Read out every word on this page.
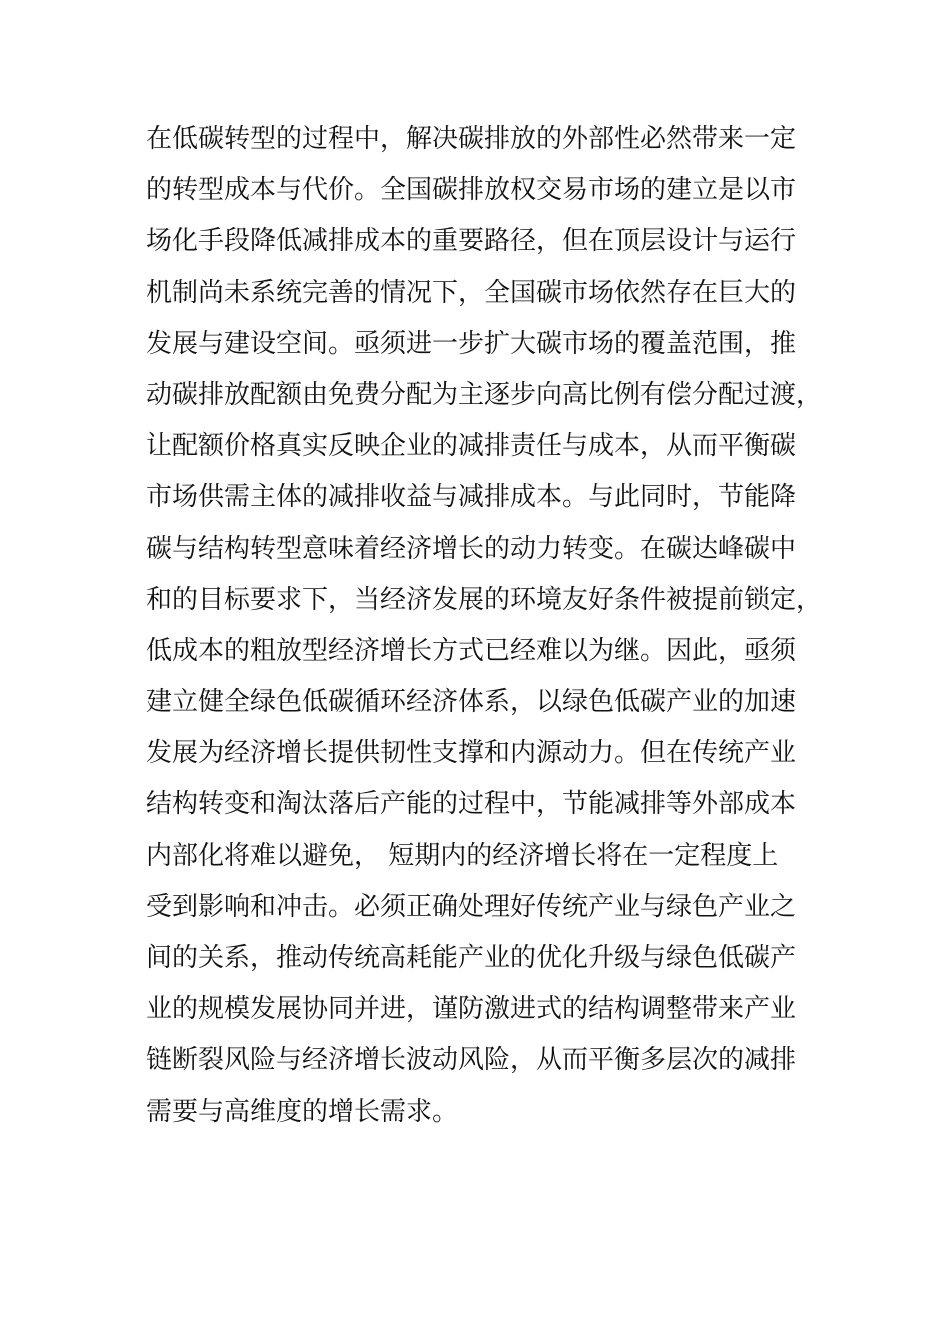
在低碳转型的过程中，解决碳排放的外部性必然带来一定
的转型成本与代价。全国碳排放权交易市场的建立是以市
场化手段降低减排成本的重要路径，但在顶层设计与运行
机制尚未系统完善的情况下，全国碳市场依然存在巨大的
发展与建设空间。亟须进一步扩大碳市场的覆盖范围，推
动碳排放配额由免费分配为主逐步向高比例有偿分配过渡，
让配额价格真实反映企业的减排责任与成本，从而平衡碳
市场供需主体的减排收益与减排成本。与此同时，节能降
碳与结构转型意味着经济增长的动力转变。在碳达峰碳中
和的目标要求下，当经济发展的环境友好条件被提前锁定，
低成本的粗放型经济增长方式已经难以为继。因此，亟须
建立健全绿色低碳循环经济体系，以绿色低碳产业的加速
发展为经济增长提供韧性支撑和内源动力。但在传统产业
结构转变和淘汰落后产能的过程中，节能减排等外部成本
内部化将难以避免， 短期内的经济增长将在一定程度上
受到影响和冲击。必须正确处理好传统产业与绿色产业之
间的关系，推动传统高耗能产业的优化升级与绿色低碳产
业的规模发展协同并进，谨防激进式的结构调整带来产业
链断裂风险与经济增长波动风险，从而平衡多层次的减排
需要与高维度的增长需求。
